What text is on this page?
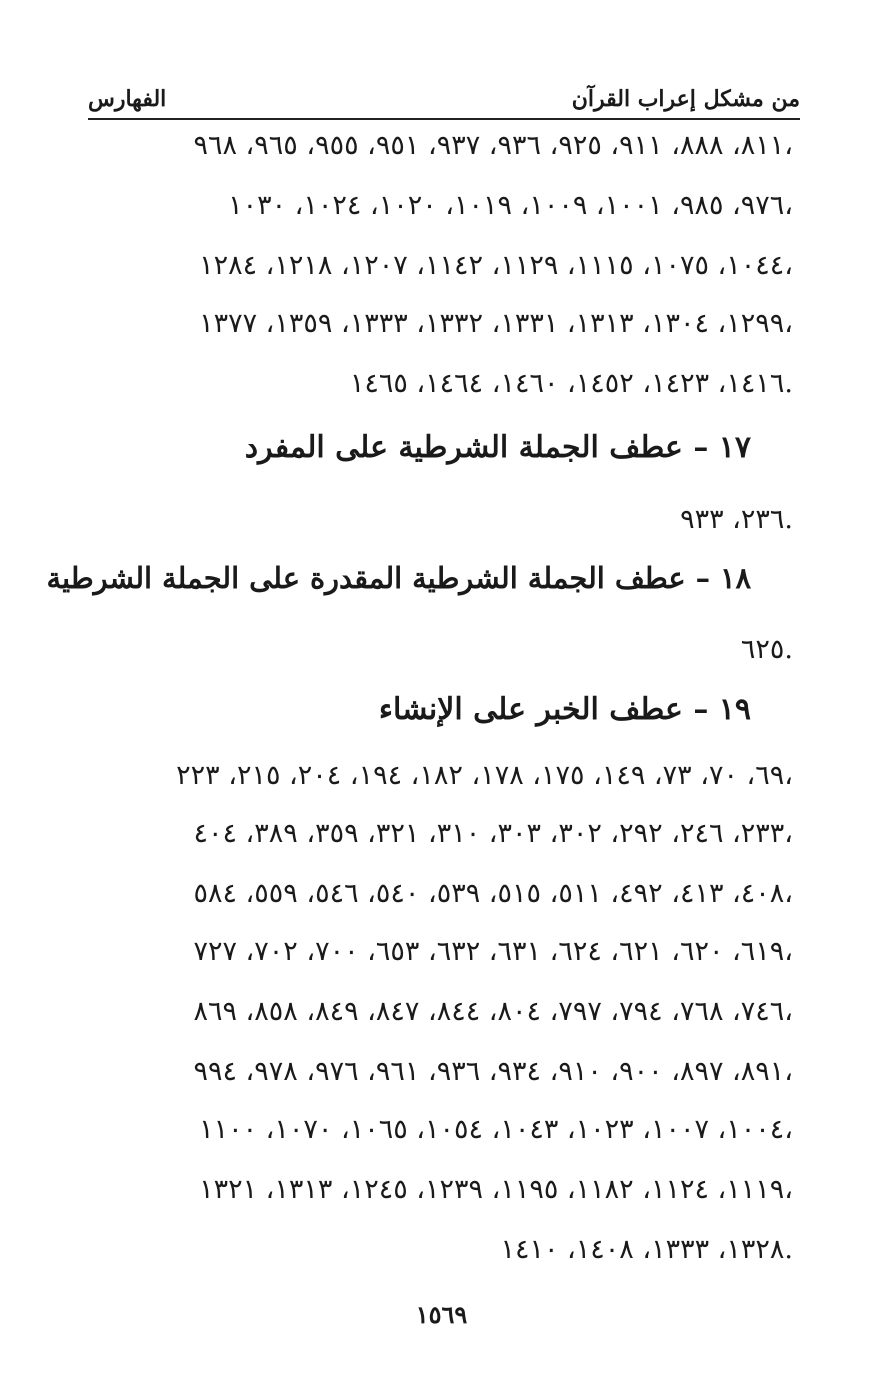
من مشكل إعراب القرآن
الفهارس
٨١١، ٨٨٨، ٩١١، ٩٢٥، ٩٣٦، ٩٣٧، ٩٥١، ٩٥٥، ٩٦٥، ٩٦٨،
٩٧٦، ٩٨٥، ١٠٠١، ١٠٠٩، ١٠١٩، ١٠٢٠، ١٠٢٤، ١٠٣٠،
١٠٤٤، ١٠٧٥، ١١١٥، ١١٢٩، ١١٤٢، ١٢٠٧، ١٢١٨، ١٢٨٤،
١٢٩٩، ١٣٠٤، ١٣١٣، ١٣٣١، ١٣٣٢، ١٣٣٣، ١٣٥٩، ١٣٧٧،
١٤١٦، ١٤٢٣، ١٤٥٢، ١٤٦٠، ١٤٦٤، ١٤٦٥.
١٧ – عطف الجملة الشرطية على المفرد
٢٣٦، ٩٣٣.
١٨ – عطف الجملة الشرطية المقدرة على الجملة الشرطية
٦٢٥.
١٩ – عطف الخبر على الإنشاء
٦٩، ٧٠، ٧٣، ١٤٩، ١٧٥، ١٧٨، ١٨٢، ١٩٤، ٢٠٤، ٢١٥، ٢٢٣،
٢٣٣، ٢٤٦، ٢٩٢، ٣٠٢، ٣٠٣، ٣١٠، ٣٢١، ٣٥٩، ٣٨٩، ٤٠٤،
٤٠٨، ٤١٣، ٤٩٢، ٥١١، ٥١٥، ٥٣٩، ٥٤٠، ٥٤٦، ٥٥٩، ٥٨٤،
٦١٩، ٦٢٠، ٦٢١، ٦٢٤، ٦٣١، ٦٣٢، ٦٥٣، ٧٠٠، ٧٠٢، ٧٢٧،
٧٤٦، ٧٦٨، ٧٩٤، ٧٩٧، ٨٠٤، ٨٤٤، ٨٤٧، ٨٤٩، ٨٥٨، ٨٦٩،
٨٩١، ٨٩٧، ٩٠٠، ٩١٠، ٩٣٤، ٩٣٦، ٩٦١، ٩٧٦، ٩٧٨، ٩٩٤،
١٠٠٤، ١٠٠٧، ١٠٢٣، ١٠٤٣، ١٠٥٤، ١٠٦٥، ١٠٧٠، ١١٠٠،
١١١٩، ١١٢٤، ١١٨٢، ١١٩٥، ١٢٣٩، ١٢٤٥، ١٣١٣، ١٣٢١،
١٣٢٨، ١٣٣٣، ١٤٠٨، ١٤١٠.
١٥٦٩
